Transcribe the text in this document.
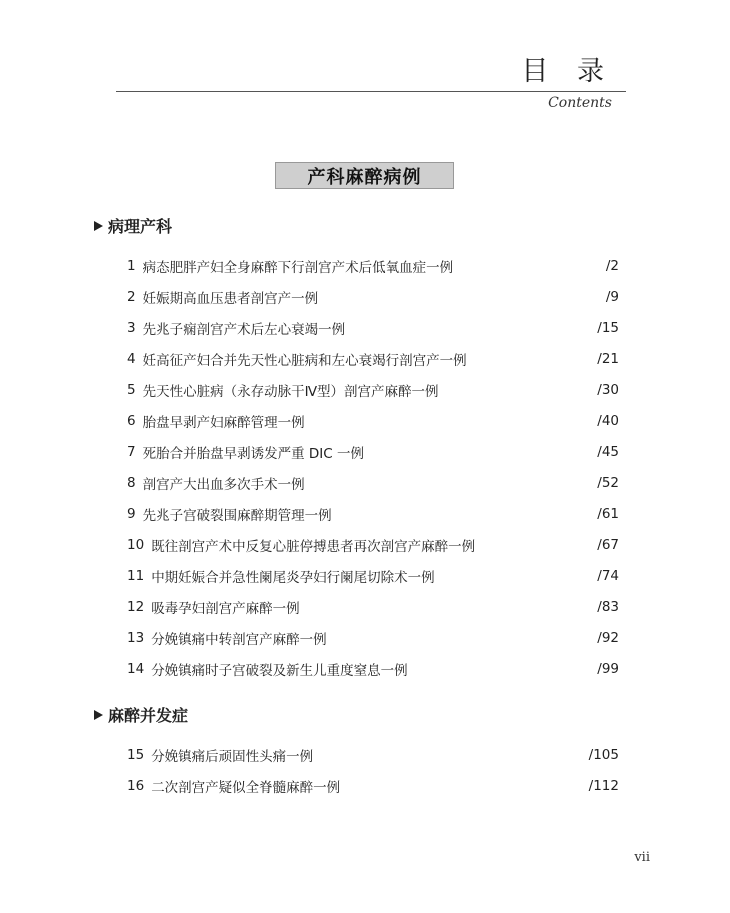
目 录
Contents
产科麻醉病例
病理产科
1 病态肥胖产妇全身麻醉下行剖宫产术后低氧血症一例	/2
2 妊娠期高血压患者剖宫产一例	/9
3 先兆子痫剖宫产术后左心衰竭一例	/15
4 妊高征产妇合并先天性心脏病和左心衰竭行剖宫产一例	/21
5 先天性心脏病（永存动脉干Ⅳ型）剖宫产麻醉一例	/30
6 胎盘早剥产妇麻醉管理一例	/40
7 死胎合并胎盘早剥诱发严重 DIC 一例	/45
8 剖宫产大出血多次手术一例	/52
9 先兆子宫破裂围麻醉期管理一例	/61
10 既往剖宫产术中反复心脏停搏患者再次剖宫产麻醉一例	/67
11 中期妊娠合并急性阑尾炎孕妇行阑尾切除术一例	/74
12 吸毒孕妇剖宫产麻醉一例	/83
13 分娩镇痛中转剖宫产麻醉一例	/92
14 分娩镇痛时子宫破裂及新生儿重度窒息一例	/99
麻醉并发症
15 分娩镇痛后顽固性头痛一例	/105
16 二次剖宫产疑似全脊髓麻醉一例	/112
vii
